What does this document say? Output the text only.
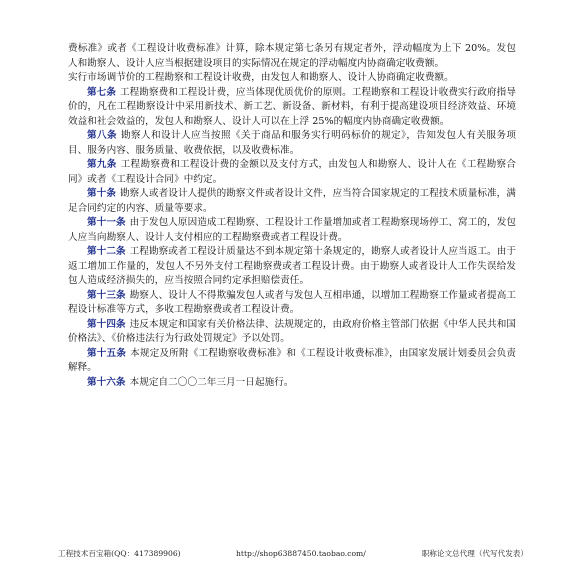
费标准》或者《工程设计收费标准》计算，除本规定第七条另有规定者外，浮动幅度为上下 20%。发包人和勘察人、设计人应当根据建设项目的实际情况在规定的浮动幅度内协商确定收费额。

实行市场调节价的工程勘察和工程设计收费，由发包人和勘察人、设计人协商确定收费额。

第七条 工程勘察费和工程设计费，应当体现优质优价的原则。工程勘察和工程设计收费实行政府指导价的，凡在工程勘察设计中采用新技术、新工艺、新设备、新材料，有利于提高建设项目经济效益、环境效益和社会效益的，发包人和勘察人、设计人可以在上浮 25%的幅度内协商确定收费额。

第八条 勘察人和设计人应当按照《关于商品和服务实行明码标价的规定》，告知发包人有关服务项目、服务内容、服务质量、收费依据，以及收费标准。

第九条 工程勘察费和工程设计费的金额以及支付方式，由发包人和勘察人、设计人在《工程勘察合同》或者《工程设计合同》中约定。

第十条 勘察人或者设计人提供的勘察文件或者设计文件，应当符合国家规定的工程技术质量标准，满足合同约定的内容、质量等要求。

第十一条 由于发包人原因造成工程勘察、工程设计工作量增加或者工程勘察现场停工、窝工的，发包人应当向勘察人、设计人支付相应的工程勘察费或者工程设计费。

第十二条 工程勘察或者工程设计质量达不到本规定第十条规定的，勘察人或者设计人应当返工。由于返工增加工作量的，发包人不另外支付工程勘察费或者工程设计费。由于勘察人或者设计人工作失误给发包人造成经济损失的，应当按照合同约定承担赔偿责任。

第十三条 勘察人、设计人不得欺骗发包人或者与发包人互相串通，以增加工程勘察工作量或者提高工程设计标准等方式，多收工程勘察费或者工程设计费。

第十四条 违反本规定和国家有关价格法律、法规规定的，由政府价格主管部门依据《中华人民共和国价格法》、《价格违法行为行政处罚规定》予以处罚。

第十五条 本规定及所附《工程勘察收费标准》和《工程设计收费标准》，由国家发展计划委员会负责解释。

第十六条 本规定自二〇〇二年三月一日起施行。

工程技术百宝箱(QQ：417389906)	http://shop63887450.taobao.com/	职称论文总代理（代写代发表）
